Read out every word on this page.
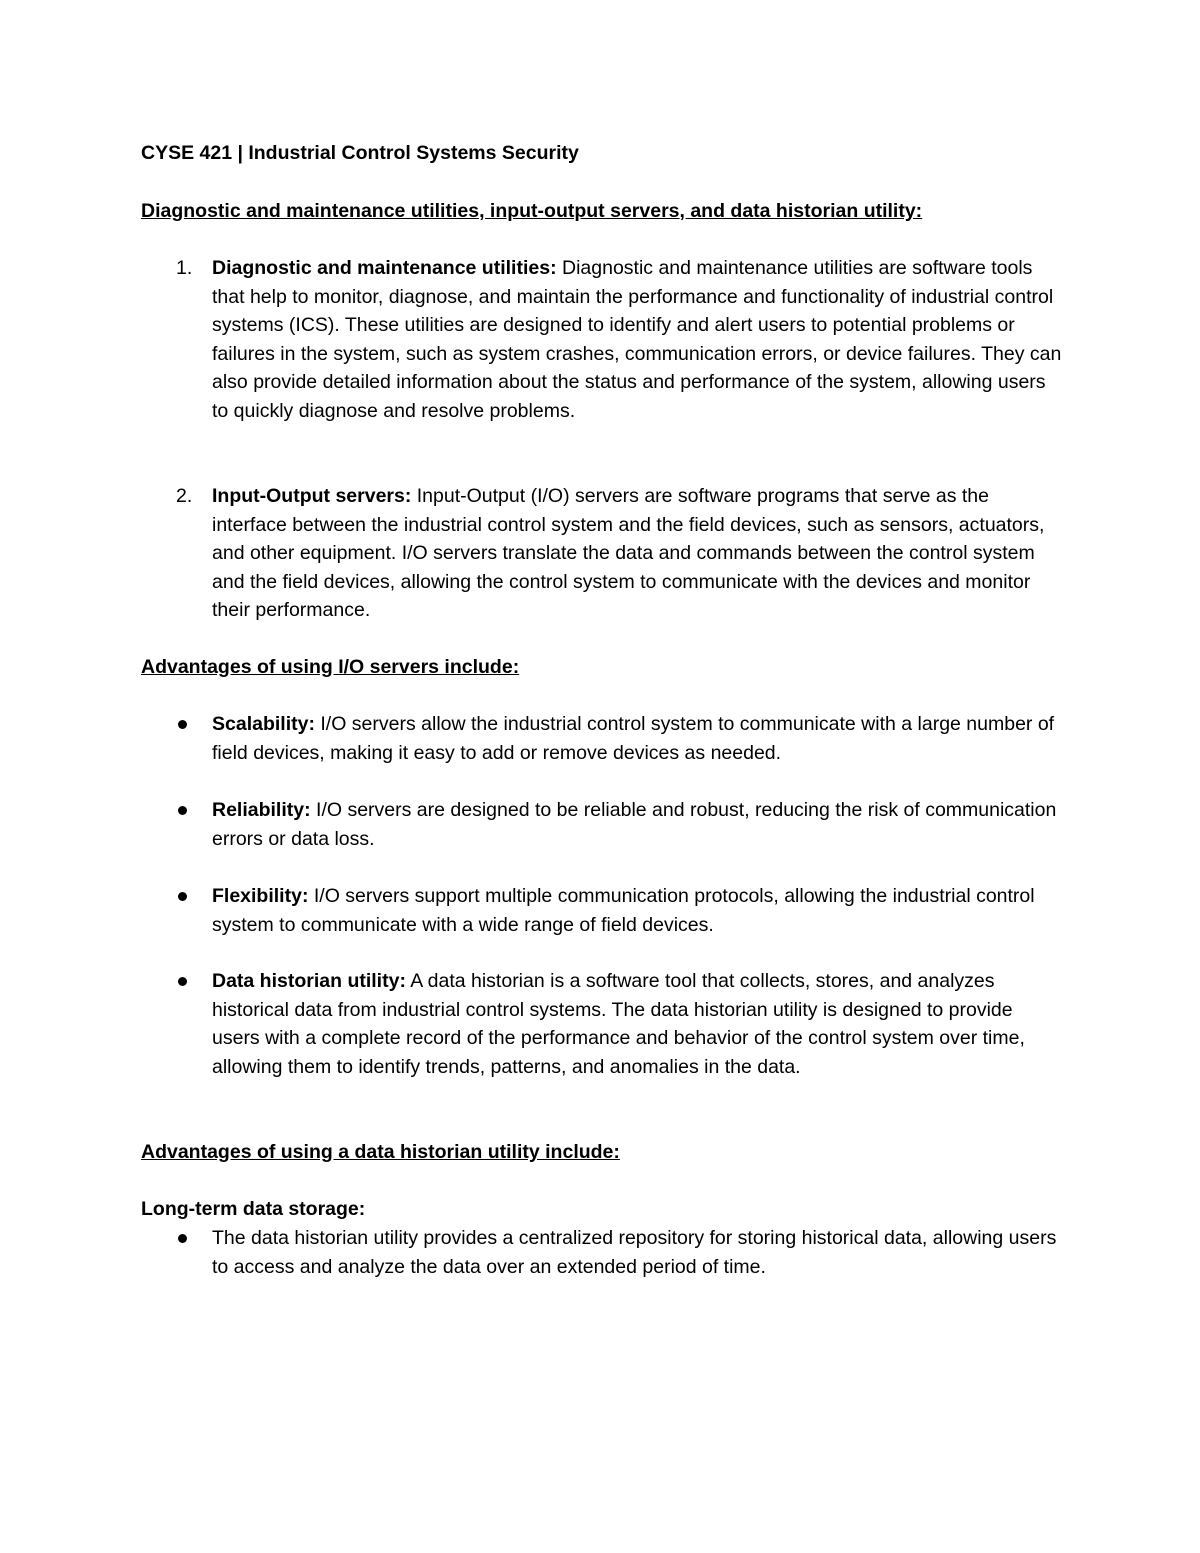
CYSE 421 | Industrial Control Systems Security

Diagnostic and maintenance utilities, input-output servers, and data historian utility:

1. Diagnostic and maintenance utilities: Diagnostic and maintenance utilities are software tools that help to monitor, diagnose, and maintain the performance and functionality of industrial control systems (ICS). These utilities are designed to identify and alert users to potential problems or failures in the system, such as system crashes, communication errors, or device failures. They can also provide detailed information about the status and performance of the system, allowing users to quickly diagnose and resolve problems.
2. Input-Output servers: Input-Output (I/O) servers are software programs that serve as the interface between the industrial control system and the field devices, such as sensors, actuators, and other equipment. I/O servers translate the data and commands between the control system and the field devices, allowing the control system to communicate with the devices and monitor their performance.

Advantages of using I/O servers include:

Scalability: I/O servers allow the industrial control system to communicate with a large number of field devices, making it easy to add or remove devices as needed.
Reliability: I/O servers are designed to be reliable and robust, reducing the risk of communication errors or data loss.
Flexibility: I/O servers support multiple communication protocols, allowing the industrial control system to communicate with a wide range of field devices.
Data historian utility: A data historian is a software tool that collects, stores, and analyzes historical data from industrial control systems. The data historian utility is designed to provide users with a complete record of the performance and behavior of the control system over time, allowing them to identify trends, patterns, and anomalies in the data.

Advantages of using a data historian utility include:

Long-term data storage:

The data historian utility provides a centralized repository for storing historical data, allowing users to access and analyze the data over an extended period of time.
